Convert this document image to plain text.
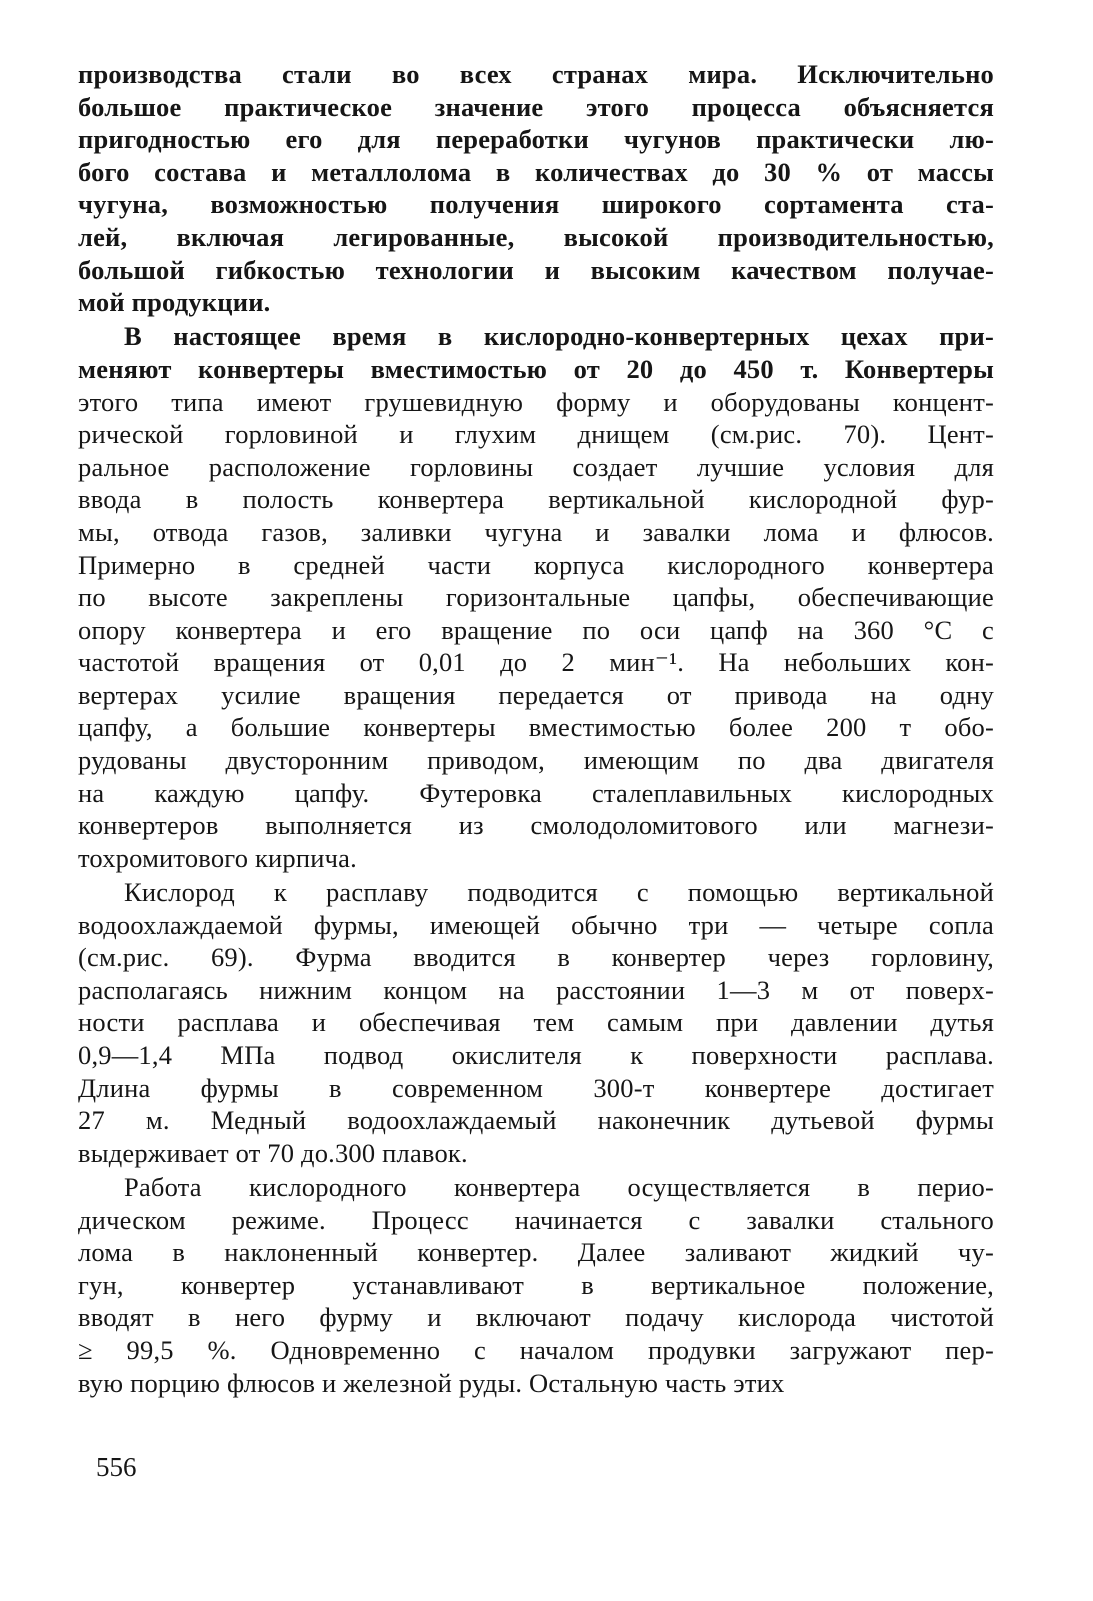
производства стали во всех странах мира. Исключительно
большое практическое значение этого процесса объясняется
пригодностью его для переработки чугунов практически лю-
бого состава и металлолома в количествах до 30 % от массы
чугуна, возможностью получения широкого сортамента ста-
лей, включая легированные, высокой производительностью,
большой гибкостью технологии и высоким качеством получае-
мой продукции.
В настоящее время в кислородно-конвертерных цехах при-
меняют конвертеры вместимостью от 20 до 450 т. Конвертеры
этого типа имеют грушевидную форму и оборудованы концент-
рической горловиной и глухим днищем (см.рис. 70). Цент-
ральное расположение горловины создает лучшие условия для
ввода в полость конвертера вертикальной кислородной фур-
мы, отвода газов, заливки чугуна и завалки лома и флюсов.
Примерно в средней части корпуса кислородного конвертера
по высоте закреплены горизонтальные цапфы, обеспечивающие
опору конвертера и его вращение по оси цапф на 360 °С с
частотой вращения от 0,01 до 2 мин⁻¹. На небольших кон-
вертерах усилие вращения передается от привода на одну
цапфу, а большие конвертеры вместимостью более 200 т обо-
рудованы двусторонним приводом, имеющим по два двигателя
на каждую цапфу. Футеровка сталеплавильных кислородных
конвертеров выполняется из смолодоломитового или магнези-
тохромитового кирпича.
Кислород к расплаву подводится с помощью вертикальной
водоохлаждаемой фурмы, имеющей обычно три — четыре сопла
(см.рис. 69). Фурма вводится в конвертер через горловину,
располагаясь нижним концом на расстоянии 1—3 м от поверх-
ности расплава и обеспечивая тем самым при давлении дутья
0,9—1,4 МПа подвод окислителя к поверхности расплава.
Длина фурмы в современном 300-т конвертере достигает
27 м. Медный водоохлаждаемый наконечник дутьевой фурмы
выдерживает от 70 до.300 плавок.
Работа кислородного конвертера осуществляется в перио-
дическом режиме. Процесс начинается с завалки стального
лома в наклоненный конвертер. Далее заливают жидкий чу-
гун, конвертер устанавливают в вертикальное положение,
вводят в него фурму и включают подачу кислорода чистотой
≥ 99,5 %. Одновременно с началом продувки загружают пер-
вую порцию флюсов и железной руды. Остальную часть этих
556
